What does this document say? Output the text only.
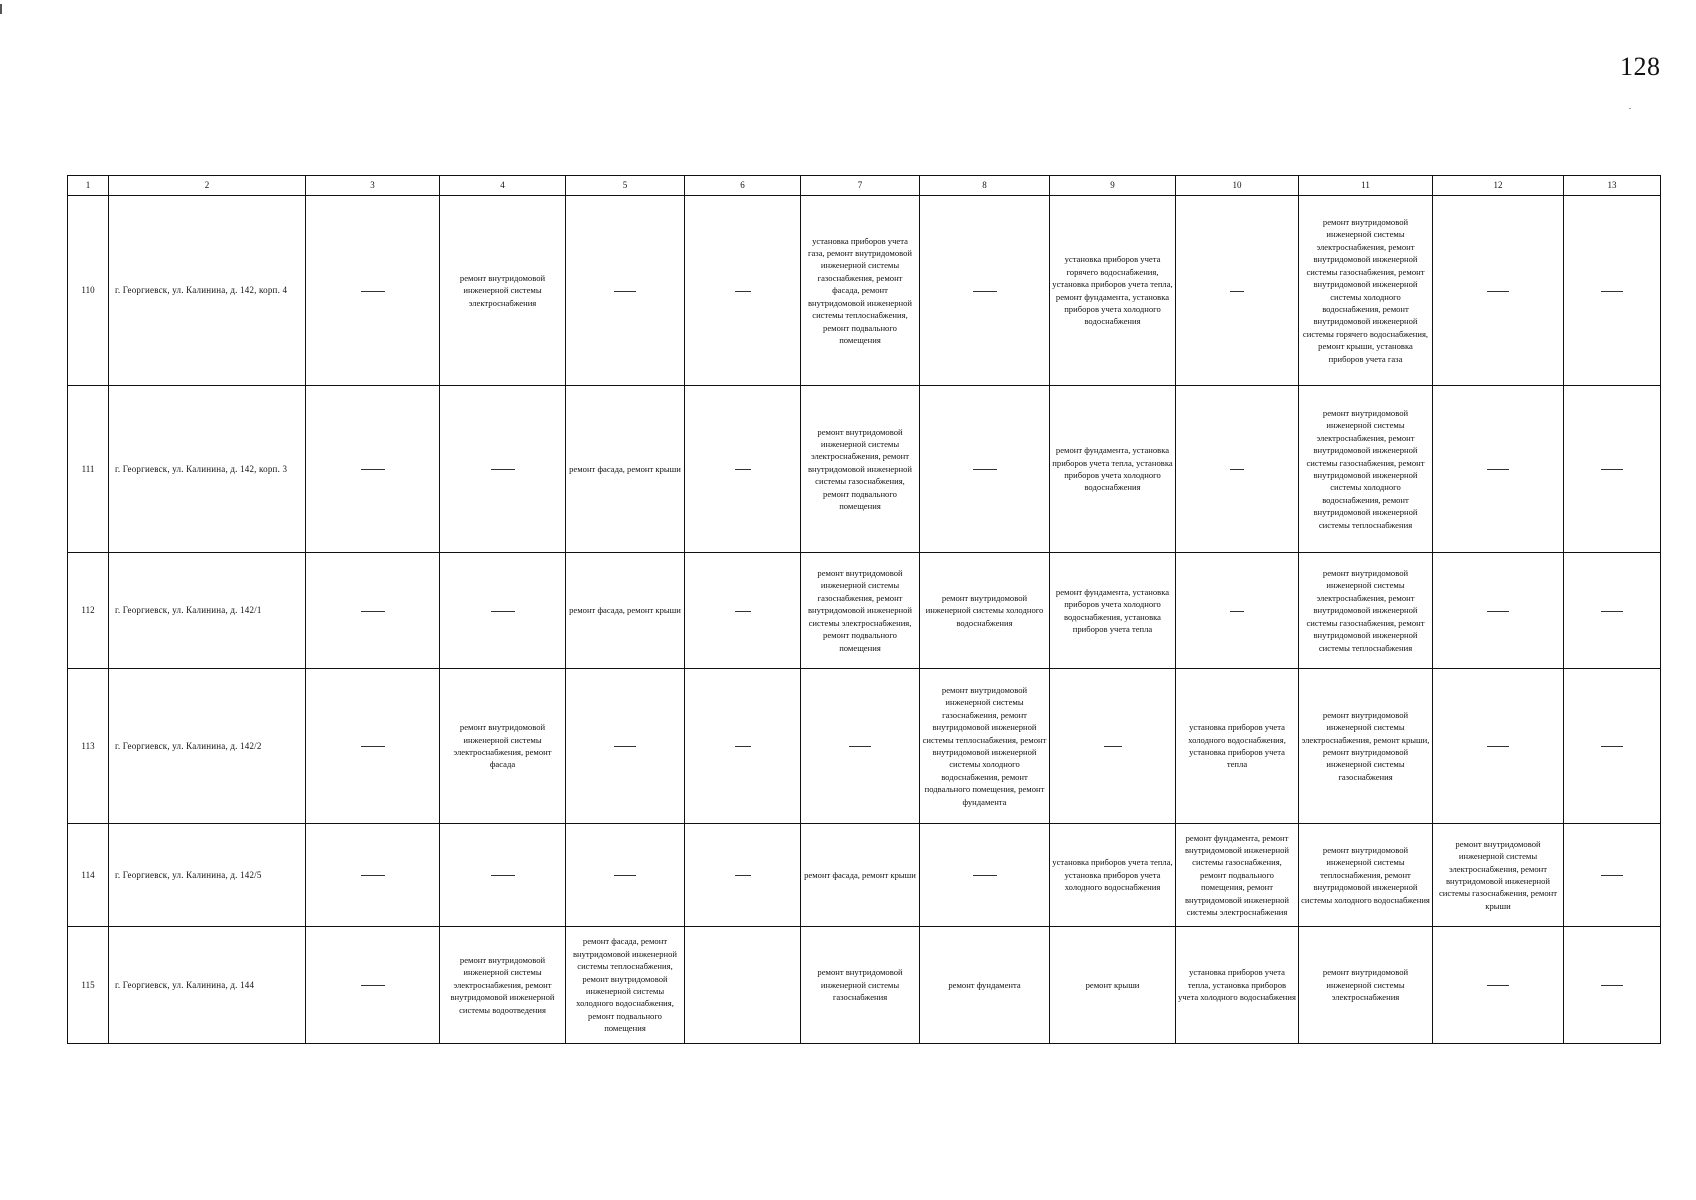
128
1	2	3	4	5	6	7	8	9	10	11	12	13
110	г. Георгиевск, ул. Калинина, д. 142, корп. 4		ремонт внутридомовой инженерной системы электроснабжения			установка приборов учета газа, ремонт внутридомовой инженерной системы газоснабжения, ремонт фасада, ремонт внутридомовой инженерной системы теплоснабжения, ремонт подвального помещения		установка приборов учета горячего водоснабжения, установка приборов учета тепла, ремонт фундамента, установка приборов учета холодного водоснабжения		ремонт внутридомовой инженерной системы электроснабжения, ремонт внутридомовой инженерной системы газоснабжения, ремонт внутридомовой инженерной системы холодного водоснабжения, ремонт внутридомовой инженерной системы горячего водоснабжения, ремонт крыши, установка приборов учета газа		
111	г. Георгиевск, ул. Калинина, д. 142, корп. 3			ремонт фасада, ремонт крыши		ремонт внутридомовой инженерной системы электроснабжения, ремонт внутридомовой инженерной системы газоснабжения, ремонт подвального помещения		ремонт фундамента, установка приборов учета тепла, установка приборов учета холодного водоснабжения		ремонт внутридомовой инженерной системы электроснабжения, ремонт внутридомовой инженерной системы газоснабжения, ремонт внутридомовой инженерной системы холодного водоснабжения, ремонт внутридомовой инженерной системы теплоснабжения		
112	г. Георгиевск, ул. Калинина, д. 142/1			ремонт фасада, ремонт крыши		ремонт внутридомовой инженерной системы газоснабжения, ремонт внутридомовой инженерной системы электроснабжения, ремонт подвального помещения	ремонт внутридомовой инженерной системы холодного водоснабжения	ремонт фундамента, установка приборов учета холодного водоснабжения, установка приборов учета тепла		ремонт внутридомовой инженерной системы электроснабжения, ремонт внутридомовой инженерной системы газоснабжения, ремонт внутридомовой инженерной системы теплоснабжения		
113	г. Георгиевск, ул. Калинина, д. 142/2		ремонт внутридомовой инженерной системы электроснабжения, ремонт фасада				ремонт внутридомовой инженерной системы газоснабжения, ремонт внутридомовой инженерной системы теплоснабжения, ремонт внутридомовой инженерной системы холодного водоснабжения, ремонт подвального помещения, ремонт фундамента		установка приборов учета холодного водоснабжения, установка приборов учета тепла	ремонт внутридомовой инженерной системы электроснабжения, ремонт крыши, ремонт внутридомовой инженерной системы газоснабжения		
114	г. Георгиевск, ул. Калинина, д. 142/5					ремонт фасада, ремонт крыши		установка приборов учета тепла, установка приборов учета холодного водоснабжения	ремонт фундамента, ремонт внутридомовой инженерной системы газоснабжения, ремонт подвального помещения, ремонт внутридомовой инженерной системы электроснабжения	ремонт внутридомовой инженерной системы теплоснабжения, ремонт внутридомовой инженерной системы холодного водоснабжения	ремонт внутридомовой инженерной системы электроснабжения, ремонт внутридомовой инженерной системы газоснабжения, ремонт крыши	
115	г. Георгиевск, ул. Калинина, д. 144		ремонт внутридомовой инженерной системы электроснабжения, ремонт внутридомовой инженерной системы водоотведения	ремонт фасада, ремонт внутридомовой инженерной системы теплоснабжения, ремонт внутридомовой инженерной системы холодного водоснабжения, ремонт подвального помещения		ремонт внутридомовой инженерной системы газоснабжения	ремонт фундамента	ремонт крыши	установка приборов учета тепла, установка приборов учета холодного водоснабжения	ремонт внутридомовой инженерной системы электроснабжения		
